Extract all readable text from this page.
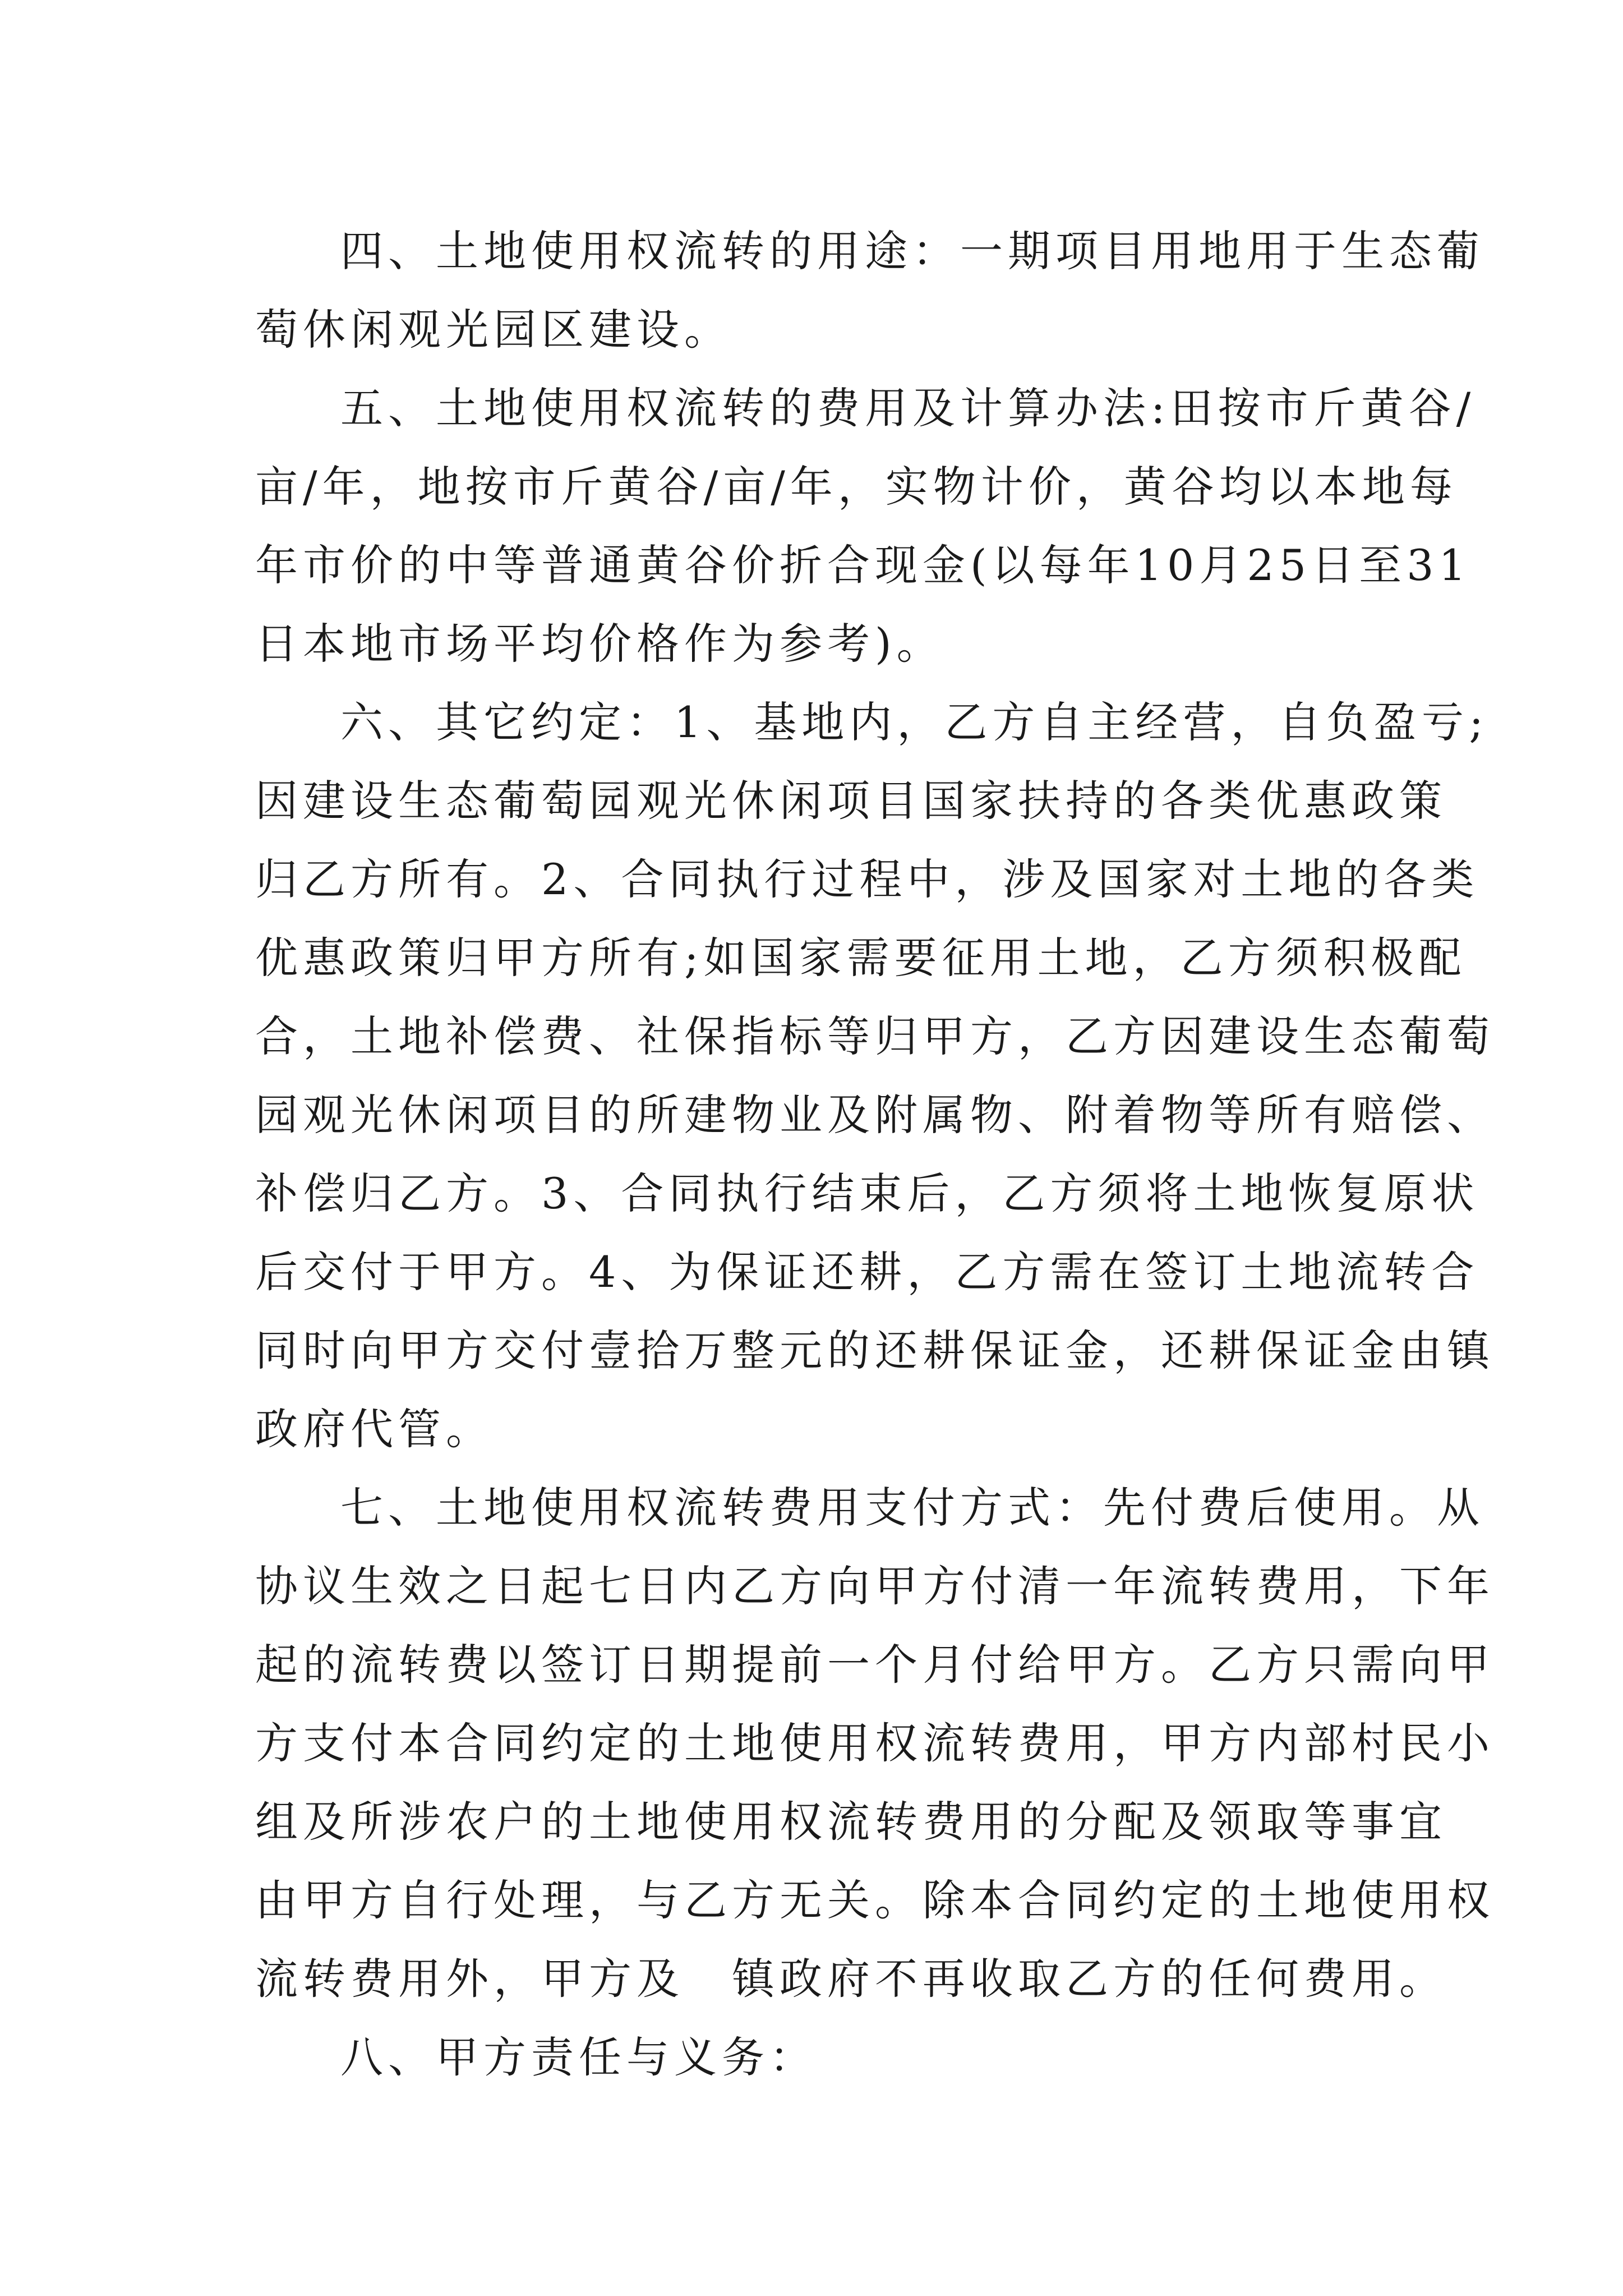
四、土地使用权流转的用途：一期项目用地用于生态葡
萄休闲观光园区建设。
五、土地使用权流转的费用及计算办法:田按市斤黄谷/
亩/年，地按市斤黄谷/亩/年，实物计价，黄谷均以本地每
年市价的中等普通黄谷价折合现金(以每年10月25日至31
日本地市场平均价格作为参考)。
六、其它约定：1、基地内，乙方自主经营，自负盈亏;
因建设生态葡萄园观光休闲项目国家扶持的各类优惠政策
归乙方所有。2、合同执行过程中，涉及国家对土地的各类
优惠政策归甲方所有;如国家需要征用土地，乙方须积极配
合，土地补偿费、社保指标等归甲方，乙方因建设生态葡萄
园观光休闲项目的所建物业及附属物、附着物等所有赔偿、
补偿归乙方。3、合同执行结束后，乙方须将土地恢复原状
后交付于甲方。4、为保证还耕，乙方需在签订土地流转合
同时向甲方交付壹拾万整元的还耕保证金，还耕保证金由镇
政府代管。
七、土地使用权流转费用支付方式：先付费后使用。从
协议生效之日起七日内乙方向甲方付清一年流转费用，下年
起的流转费以签订日期提前一个月付给甲方。乙方只需向甲
方支付本合同约定的土地使用权流转费用，甲方内部村民小
组及所涉农户的土地使用权流转费用的分配及领取等事宜
由甲方自行处理，与乙方无关。除本合同约定的土地使用权
流转费用外，甲方及　镇政府不再收取乙方的任何费用。
八、甲方责任与义务：
